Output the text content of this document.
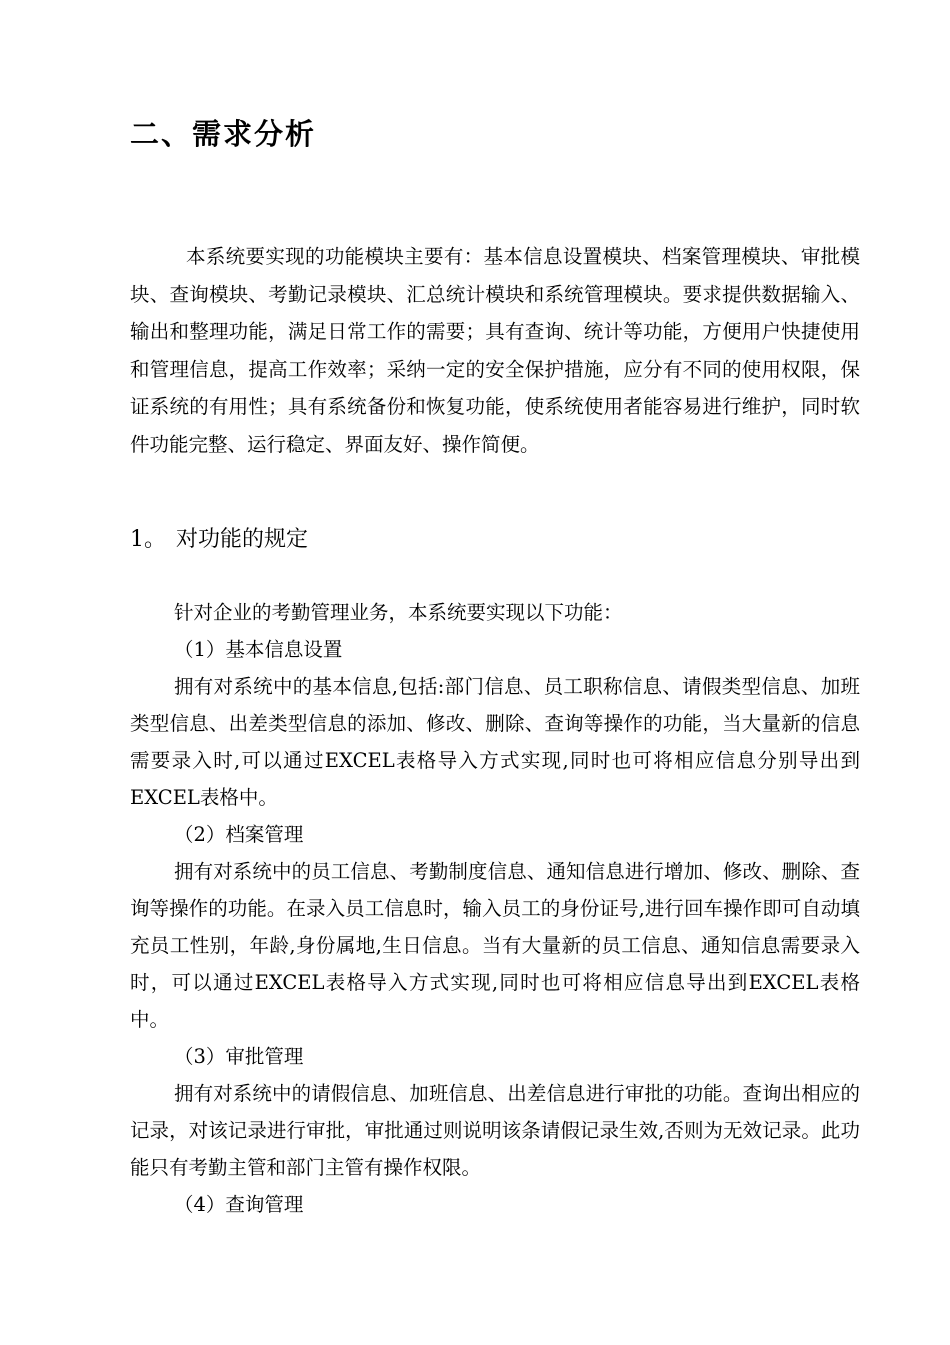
二、需求分析

本系统要实现的功能模块主要有：基本信息设置模块、档案管理模块、审批模块、查询模块、考勤记录模块、汇总统计模块和系统管理模块。要求提供数据输入、输出和整理功能，满足日常工作的需要；具有查询、统计等功能，方便用户快捷使用和管理信息，提高工作效率；采纳一定的安全保护措施，应分有不同的使用权限，保证系统的有用性；具有系统备份和恢复功能，使系统使用者能容易进行维护，同时软件功能完整、运行稳定、界面友好、操作简便。

1。 对功能的规定

针对企业的考勤管理业务，本系统要实现以下功能：

（1）基本信息设置

拥有对系统中的基本信息,包括:部门信息、员工职称信息、请假类型信息、加班类型信息、出差类型信息的添加、修改、删除、查询等操作的功能，当大量新的信息需要录入时,可以通过EXCEL表格导入方式实现,同时也可将相应信息分别导出到EXCEL表格中。

（2）档案管理

拥有对系统中的员工信息、考勤制度信息、通知信息进行增加、修改、删除、查询等操作的功能。在录入员工信息时，输入员工的身份证号,进行回车操作即可自动填充员工性别，年龄,身份属地,生日信息。当有大量新的员工信息、通知信息需要录入时，可以通过EXCEL表格导入方式实现,同时也可将相应信息导出到EXCEL表格中。

（3）审批管理

拥有对系统中的请假信息、加班信息、出差信息进行审批的功能。查询出相应的记录，对该记录进行审批，审批通过则说明该条请假记录生效,否则为无效记录。此功能只有考勤主管和部门主管有操作权限。

（4）查询管理
